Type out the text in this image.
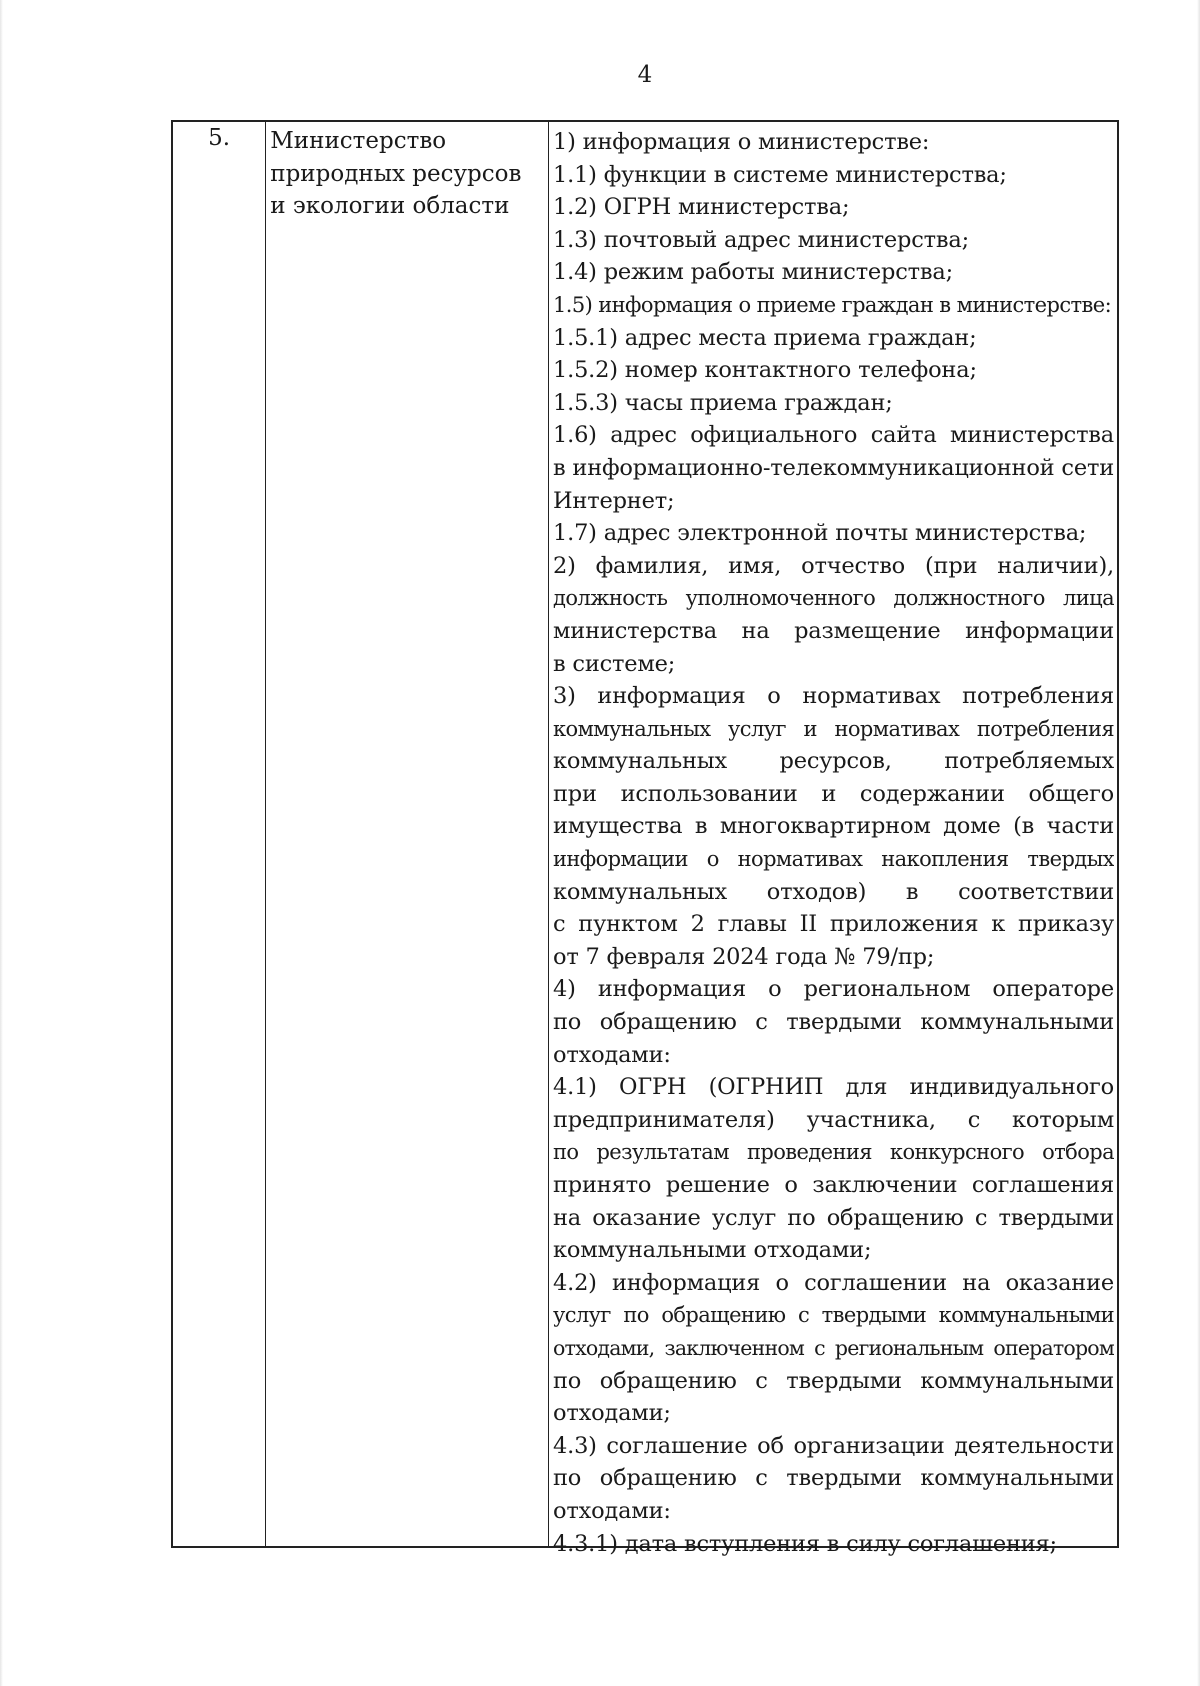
4
5.	Министерство
природных ресурсов
и экологии области
1) информация о министерстве:
1.1) функции в системе министерства;
1.2) ОГРН министерства;
1.3) почтовый адрес министерства;
1.4) режим работы министерства;
1.5) информация о приеме граждан в министерстве:
1.5.1) адрес места приема граждан;
1.5.2) номер контактного телефона;
1.5.3) часы приема граждан;
1.6) адрес официального сайта министерства
в информационно-телекоммуникационной сети
Интернет;
1.7) адрес электронной почты министерства;
2) фамилия, имя, отчество (при наличии),
должность уполномоченного должностного лица
министерства на размещение информации
в системе;
3) информация о нормативах потребления
коммунальных услуг и нормативах потребления
коммунальных ресурсов, потребляемых
при использовании и содержании общего
имущества в многоквартирном доме (в части
информации о нормативах накопления твердых
коммунальных отходов) в соответствии
с пунктом 2 главы II приложения к приказу
от 7 февраля 2024 года № 79/пр;
4) информация о региональном операторе
по обращению с твердыми коммунальными
отходами:
4.1) ОГРН (ОГРНИП для индивидуального
предпринимателя) участника, с которым
по результатам проведения конкурсного отбора
принято решение о заключении соглашения
на оказание услуг по обращению с твердыми
коммунальными отходами;
4.2) информация о соглашении на оказание
услуг по обращению с твердыми коммунальными
отходами, заключенном с региональным оператором
по обращению с твердыми коммунальными
отходами;
4.3) соглашение об организации деятельности
по обращению с твердыми коммунальными
отходами:
4.3.1) дата вступления в силу соглашения;
